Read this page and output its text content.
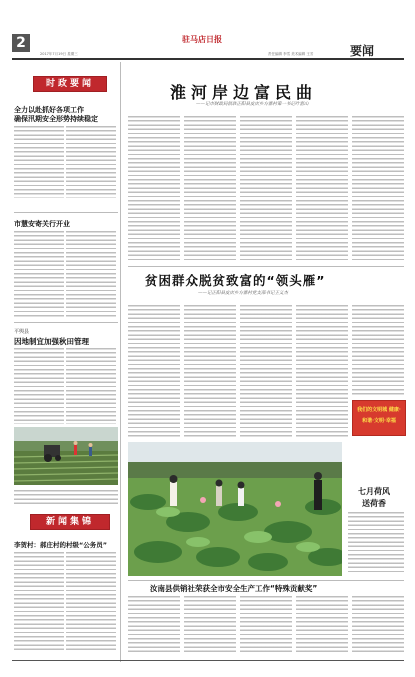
2	驻马店日报
2017年7月19日 星期三	责任编辑 李雪 美术编辑 王芳	要闻
时政要闻
全力以赴抓好各项工作
确保汛期安全形势持续稳定
市慧安寄关行开业
平舆县
因地制宜加强秋田管理
新闻集锦
李贺村：郝庄村的村级“公务员”
淮河岸边富民曲
——记市财政局派驻正阳县皮店乡方寨村第一书记叶富山
贫困群众脱贫致富的“领头雁”
——记正阳县皮店乡方寨村党支部书记王义杰
我们的文明城 健康·和谐·文明·幸福
七月荷风
送荷香
汝南县供销社荣获全市安全生产工作“特殊贡献奖”
